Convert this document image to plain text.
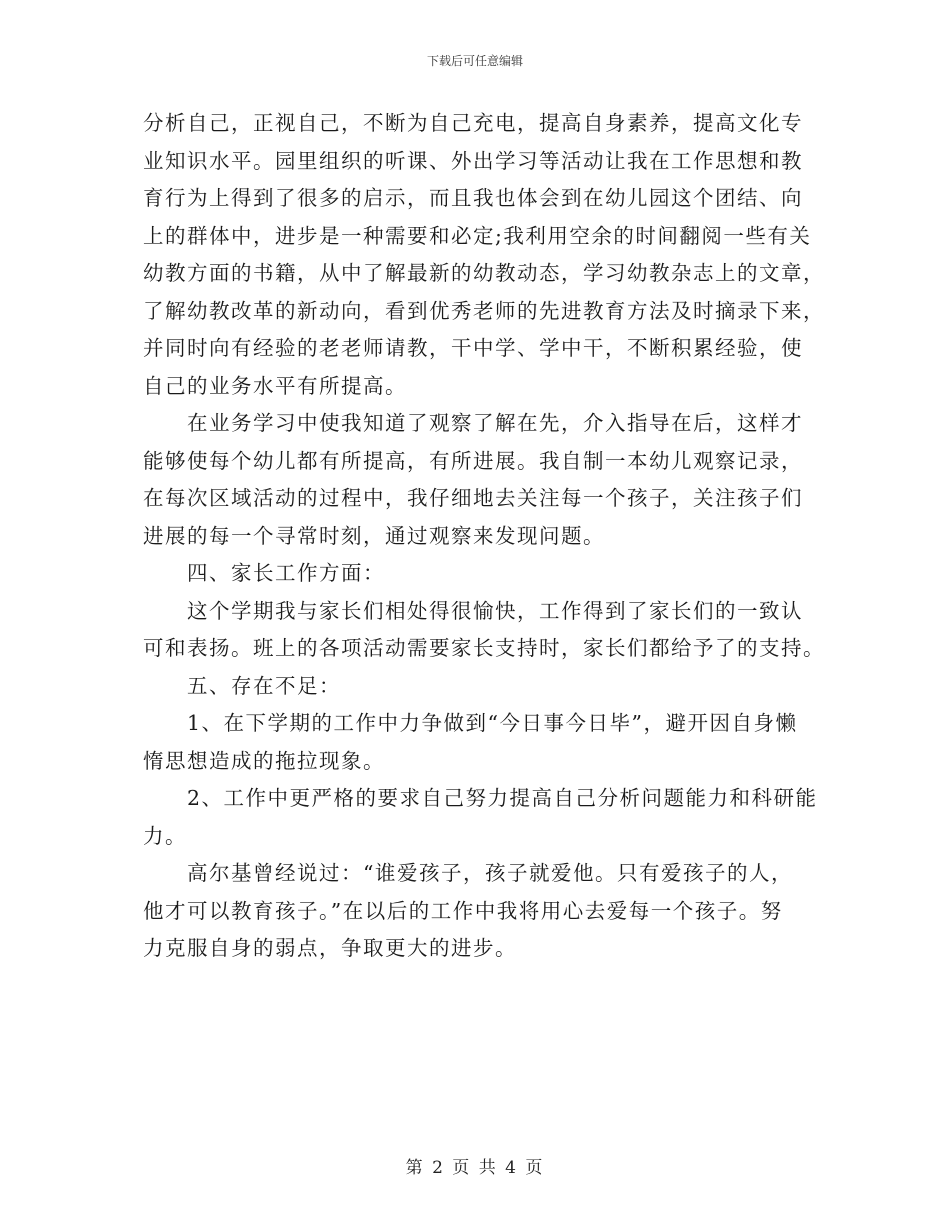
下载后可任意编辑
分析自己，正视自己，不断为自己充电，提高自身素养，提高文化专
业知识水平。园里组织的听课、外出学习等活动让我在工作思想和教
育行为上得到了很多的启示，而且我也体会到在幼儿园这个团结、向
上的群体中，进步是一种需要和必定;我利用空余的时间翻阅一些有关
幼教方面的书籍，从中了解最新的幼教动态，学习幼教杂志上的文章，
了解幼教改革的新动向，看到优秀老师的先进教育方法及时摘录下来，
并同时向有经验的老老师请教，干中学、学中干，不断积累经验，使
自己的业务水平有所提高。
　　在业务学习中使我知道了观察了解在先，介入指导在后，这样才
能够使每个幼儿都有所提高，有所进展。我自制一本幼儿观察记录，
在每次区域活动的过程中，我仔细地去关注每一个孩子，关注孩子们
进展的每一个寻常时刻，通过观察来发现问题。
　　四、家长工作方面：
　　这个学期我与家长们相处得很愉快，工作得到了家长们的一致认
可和表扬。班上的各项活动需要家长支持时，家长们都给予了的支持。
　　五、存在不足：
　　1、在下学期的工作中力争做到“今日事今日毕”，避开因自身懒
惰思想造成的拖拉现象。
　　2、工作中更严格的要求自己努力提高自己分析问题能力和科研能
力。
　　高尔基曾经说过：“谁爱孩子，孩子就爱他。只有爱孩子的人，
他才可以教育孩子。”在以后的工作中我将用心去爱每一个孩子。努
力克服自身的弱点，争取更大的进步。
第 2 页 共 4 页
